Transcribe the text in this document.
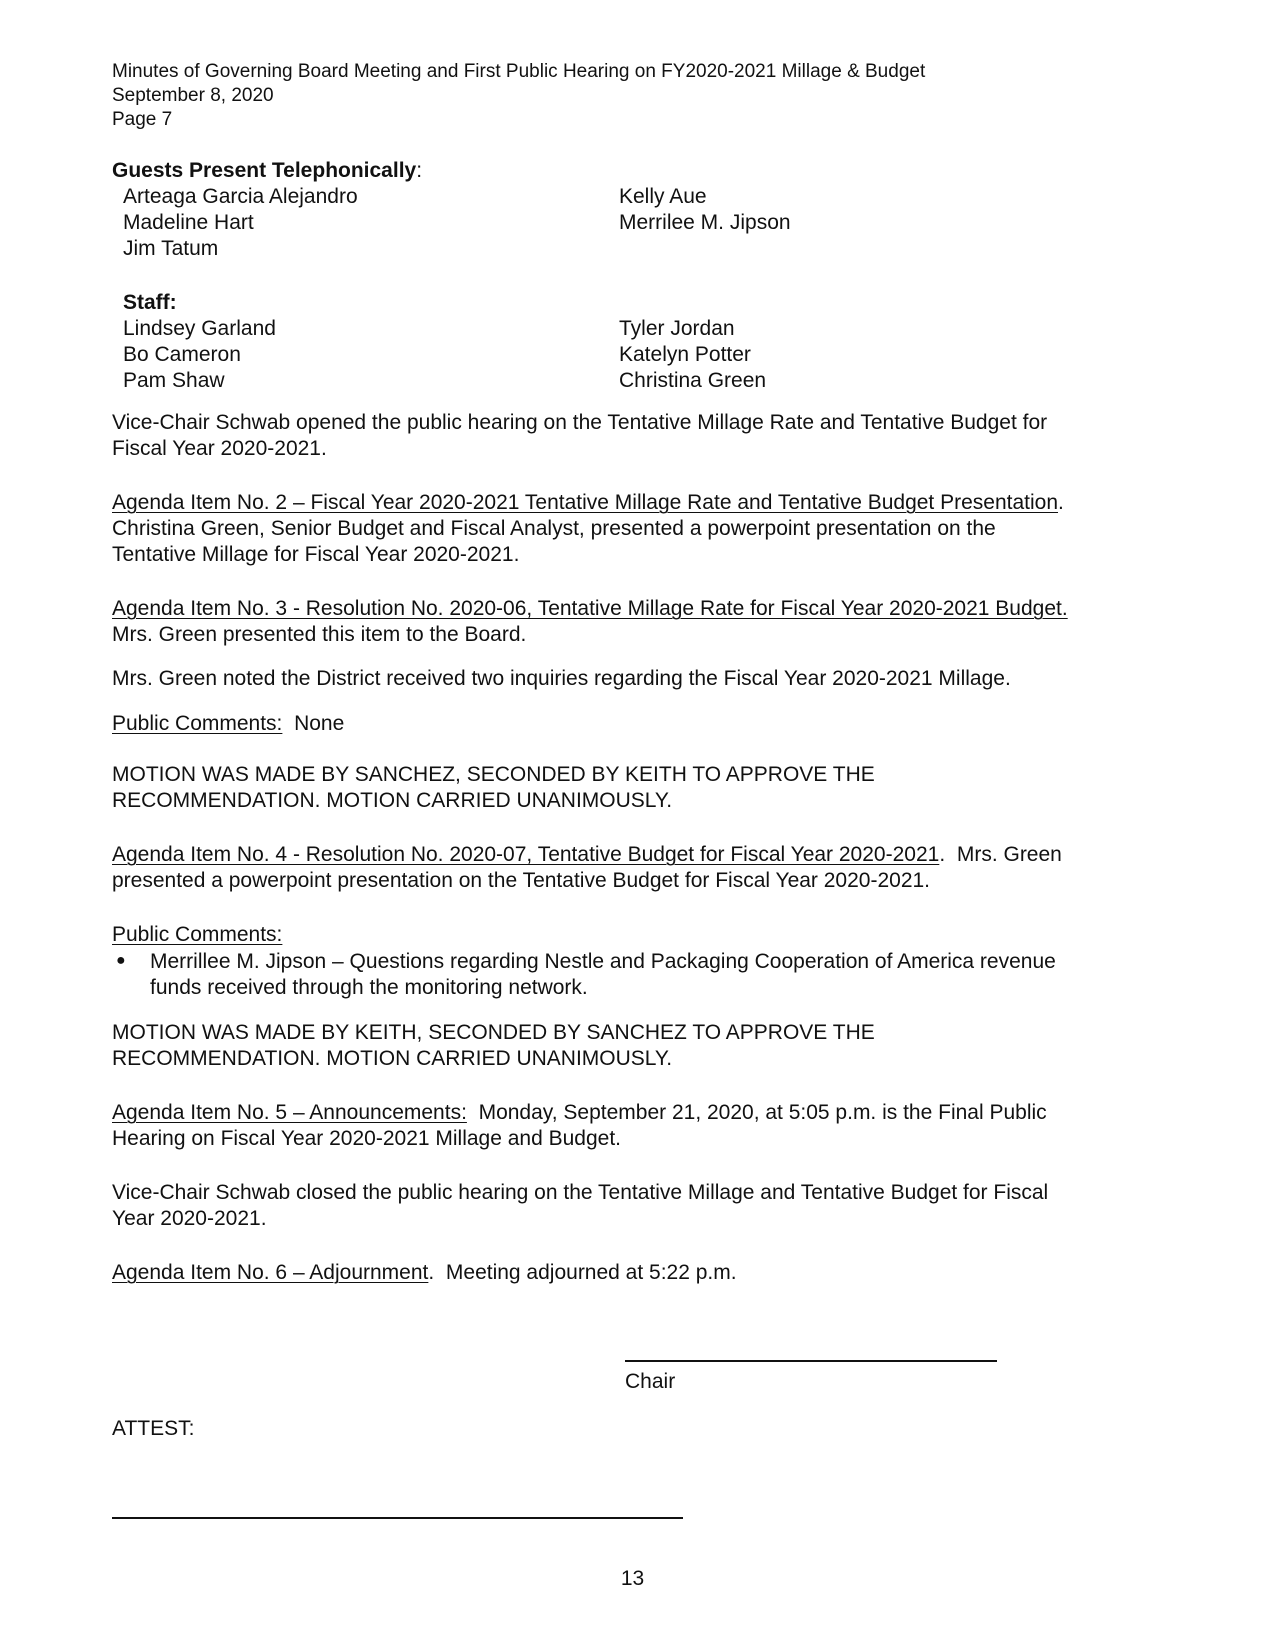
Minutes of Governing Board Meeting and First Public Hearing on FY2020-2021 Millage & Budget
September 8, 2020
Page 7
Guests Present Telephonically:
Arteaga Garcia Alejandro
Madeline Hart
Jim Tatum
Kelly Aue
Merrilee M. Jipson
Staff:
Lindsey Garland
Bo Cameron
Pam Shaw
Tyler Jordan
Katelyn Potter
Christina Green
Vice-Chair Schwab opened the public hearing on the Tentative Millage Rate and Tentative Budget for
Fiscal Year 2020-2021.
Agenda Item No. 2 – Fiscal Year 2020-2021 Tentative Millage Rate and Tentative Budget Presentation.
Christina Green, Senior Budget and Fiscal Analyst, presented a powerpoint presentation on the
Tentative Millage for Fiscal Year 2020-2021.
Agenda Item No. 3 - Resolution No. 2020-06, Tentative Millage Rate for Fiscal Year 2020-2021 Budget.
Mrs. Green presented this item to the Board.
Mrs. Green noted the District received two inquiries regarding the Fiscal Year 2020-2021 Millage.
Public Comments: None
MOTION WAS MADE BY SANCHEZ, SECONDED BY KEITH TO APPROVE THE
RECOMMENDATION. MOTION CARRIED UNANIMOUSLY.
Agenda Item No. 4 - Resolution No. 2020-07, Tentative Budget for Fiscal Year 2020-2021.  Mrs. Green
presented a powerpoint presentation on the Tentative Budget for Fiscal Year 2020-2021.
Public Comments:
● Merrillee M. Jipson – Questions regarding Nestle and Packaging Cooperation of America revenue
funds received through the monitoring network.
MOTION WAS MADE BY KEITH, SECONDED BY SANCHEZ TO APPROVE THE
RECOMMENDATION. MOTION CARRIED UNANIMOUSLY.
Agenda Item No. 5 – Announcements: Monday, September 21, 2020, at 5:05 p.m. is the Final Public
Hearing on Fiscal Year 2020-2021 Millage and Budget.
Vice-Chair Schwab closed the public hearing on the Tentative Millage and Tentative Budget for Fiscal
Year 2020-2021.
Agenda Item No. 6 – Adjournment.  Meeting adjourned at 5:22 p.m.
Chair
ATTEST:
13
